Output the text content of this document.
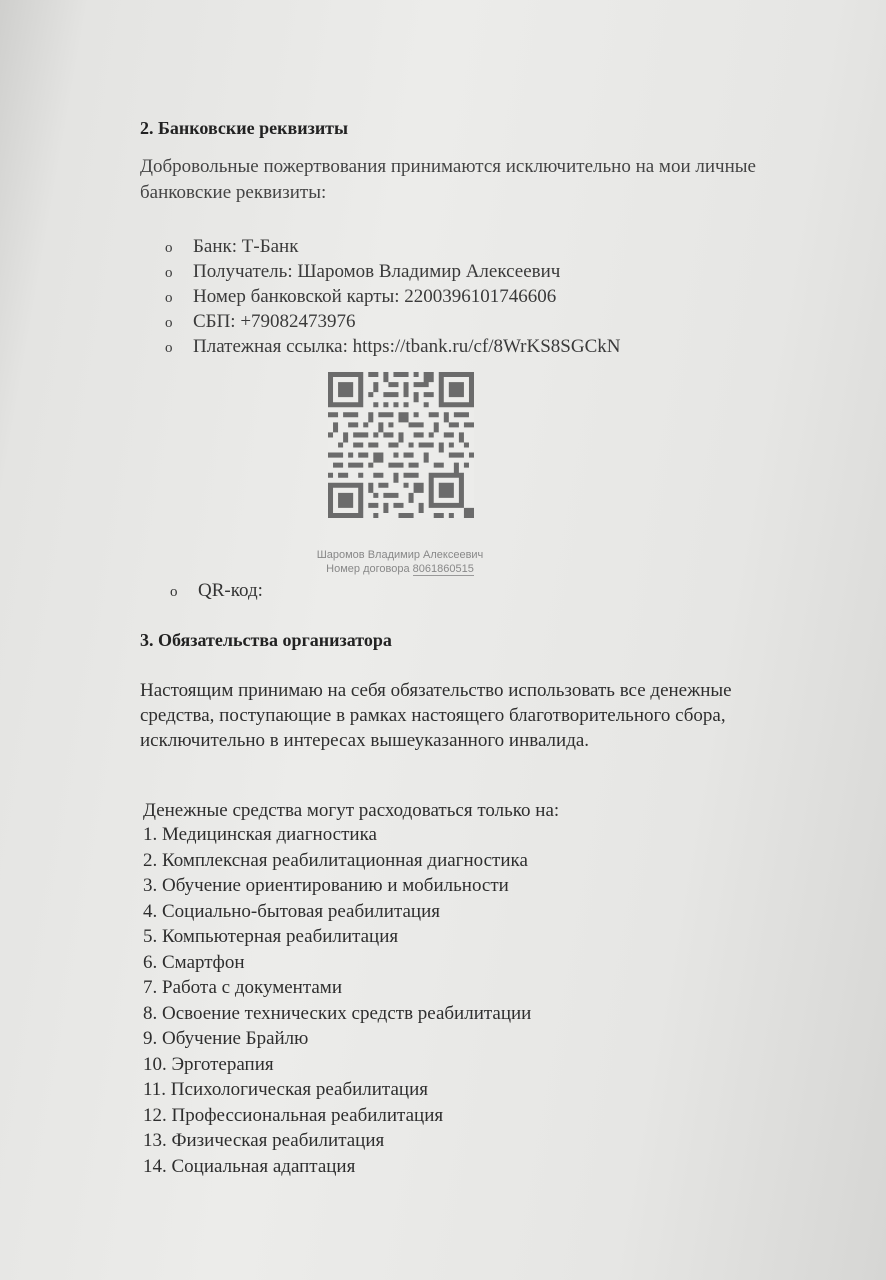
2. Банковские реквизиты
Добровольные пожертвования принимаются исключительно на мои личные банковские реквизиты:
o Банк: Т-Банк
o Получатель: Шаромов Владимир Алексеевич
o Номер банковской карты: 2200396101746606
o СБП: +79082473976
o Платежная ссылка: https://tbank.ru/cf/8WrKS8SGCkN
Шаромов Владимир Алексеевич
Номер договора 8061860515
o QR-код:
3. Обязательства организатора
Настоящим принимаю на себя обязательство использовать все денежные средства, поступающие в рамках настоящего благотворительного сбора, исключительно в интересах вышеуказанного инвалида.
Денежные средства могут расходоваться только на:
1. Медицинская диагностика
2. Комплексная реабилитационная диагностика
3. Обучение ориентированию и мобильности
4. Социально-бытовая реабилитация
5. Компьютерная реабилитация
6. Смартфон
7. Работа с документами
8. Освоение технических средств реабилитации
9. Обучение Брайлю
10. Эрготерапия
11. Психологическая реабилитация
12. Профессиональная реабилитация
13. Физическая реабилитация
14. Социальная адаптация
